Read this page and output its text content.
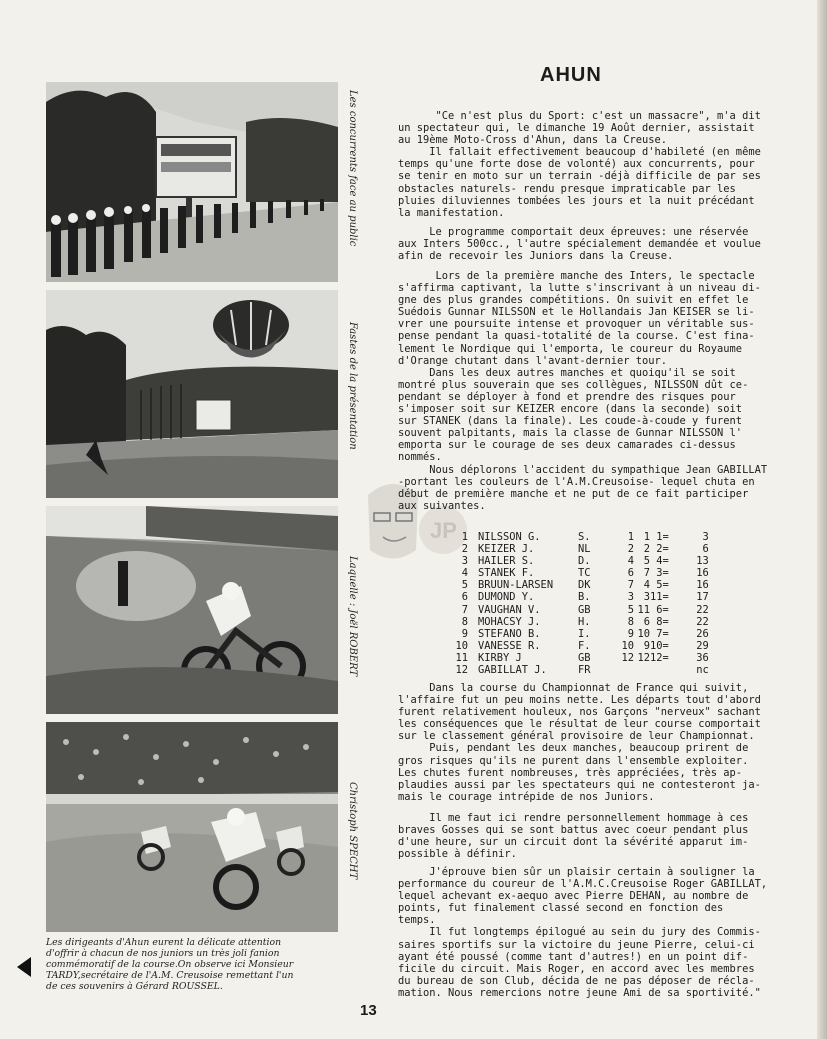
Les concurrents face au public
Fastes de la présentation
Laquelle : Joël ROBERT
Christoph SPECHT
Les dirigeants d'Ahun eurent la délicate attention
d'offrir à chacun de nos juniors un très joli fanion
commémoratif de la course.On observe ici Monsieur
TARDY,secrétaire de l'A.M. Creusoise remettant l'un
de ces souvenirs à Gérard ROUSSEL.
AHUN
JP
"Ce n'est plus du Sport: c'est un massacre", m'a dit
un spectateur qui, le dimanche 19 Août dernier, assistait
au 19ème Moto-Cross d'Ahun, dans la Creuse.
Il fallait effectivement beaucoup d'habileté (en même
temps qu'une forte dose de volonté) aux concurrents, pour
se tenir en moto sur un terrain -déjà difficile de par ses
obstacles naturels- rendu presque impraticable par les
pluies diluviennes tombées les jours et la nuit précédant
la manifestation.
Le programme comportait deux épreuves: une réservée
aux Inters 500cc., l'autre spécialement demandée et voulue
afin de recevoir les Juniors dans la Creuse.
Lors de la première manche des Inters, le spectacle
s'affirma captivant, la lutte s'inscrivant à un niveau di-
gne des plus grandes compétitions. On suivit en effet le
Suédois Gunnar NILSSON et le Hollandais Jan KEISER se li-
vrer une poursuite intense et provoquer un véritable sus-
pense pendant la quasi-totalité de la course. C'est fina-
lement le Nordique qui l'emporta, le coureur du Royaume
d'Orange chutant dans l'avant-dernier tour.
Dans les deux autres manches et quoiqu'il se soit
montré plus souverain que ses collègues, NILSSON dût ce-
pendant se déployer à fond et prendre des risques pour
s'imposer soit sur KEIZER encore (dans la seconde) soit
sur STANEK (dans la finale). Les coude-à-coude y furent
souvent palpitants, mais la classe de Gunnar NILSSON l'
emporta sur le courage de ses deux camarades ci-dessus
nommés.
Nous déplorons l'accident du sympathique Jean GABILLAT
-portant les couleurs de l'A.M.Creusoise- lequel chuta en
début de première manche et ne put de ce fait participer
aux suivantes.
1	NILSSON G.	S.	1	1	1=	3
2	KEIZER J.	NL	2	2	2=	6
3	HAILER S.	D.	4	5	4=	13
4	STANEK F.	TC	6	7	3=	16
5	BRUUN-LARSEN	DK	7	4	5=	16
6	DUMOND Y.	B.	3	3	11=	17
7	VAUGHAN V.	GB	5	11	6=	22
8	MOHACSY J.	H.	8	6	8=	22
9	STEFANO B.	I.	9	10	7=	26
10	VANESSE R.	F.	10	9	10=	29
11	KIRBY J	GB	12	12	12=	36
12	GABILLAT J.	FR				nc
Dans la course du Championnat de France qui suivit,
l'affaire fut un peu moins nette. Les départs tout d'abord
furent relativement houleux, nos Garçons "nerveux" sachant
les conséquences que le résultat de leur course comportait
sur le classement général provisoire de leur Championnat.
Puis, pendant les deux manches, beaucoup prirent de
gros risques qu'ils ne purent dans l'ensemble exploiter.
Les chutes furent nombreuses, très appréciées, très ap-
plaudies aussi par les spectateurs qui ne contesteront ja-
mais le courage intrépide de nos Juniors.
Il me faut ici rendre personnellement hommage à ces
braves Gosses qui se sont battus avec coeur pendant plus
d'une heure, sur un circuit dont la sévérité apparut im-
possible à définir.
J'éprouve bien sûr un plaisir certain à souligner la
performance du coureur de l'A.M.C.Creusoise Roger GABILLAT,
lequel achevant ex-aequo avec Pierre DEHAN, au nombre de
points, fut finalement classé second en fonction des
temps.
Il fut longtemps épilogué au sein du jury des Commis-
saires sportifs sur la victoire du jeune Pierre, celui-ci
ayant été poussé (comme tant d'autres!) en un point dif-
ficile du circuit. Mais Roger, en accord avec les membres
du bureau de son Club, décida de ne pas déposer de récla-
mation. Nous remercions notre jeune Ami de sa sportivité."
13
